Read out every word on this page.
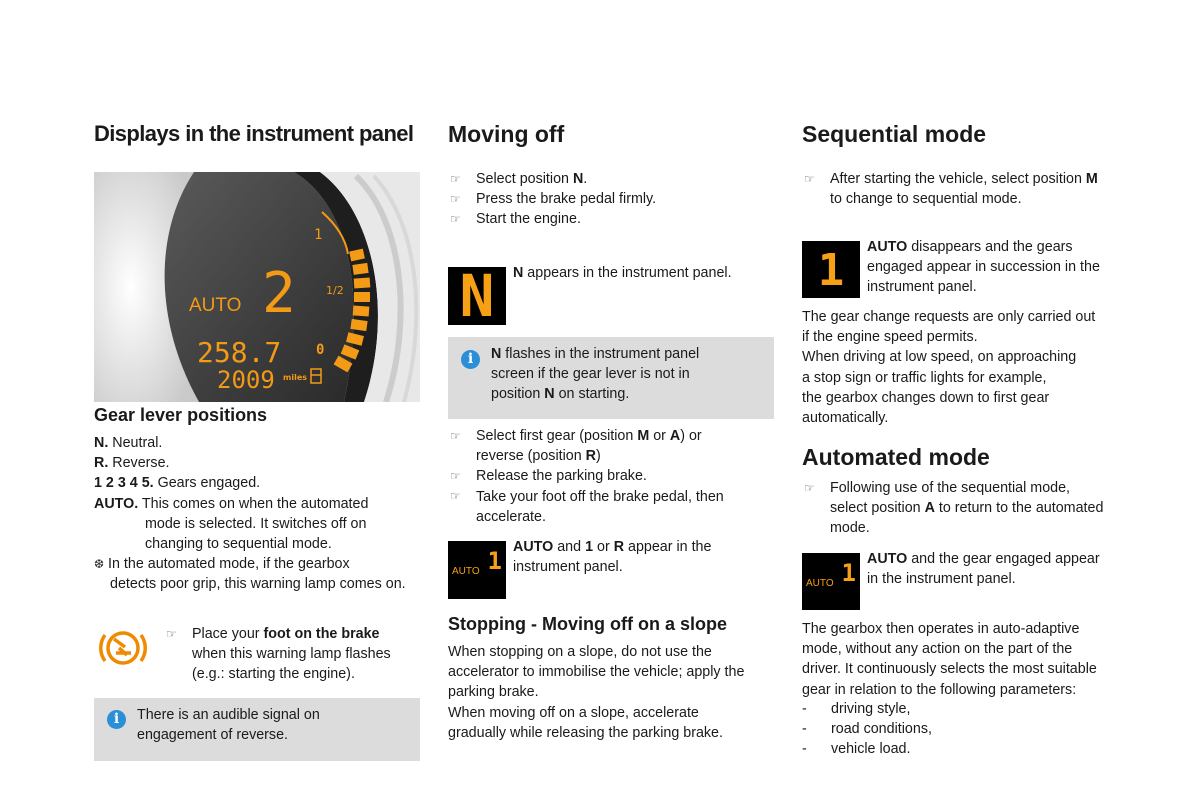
Displays in the instrument panel
1
1/2
0
AUTO 2
258.7
2009 miles
Gear lever positions
N. Neutral.
R. Reverse.
1 2 3 4 5. Gears engaged.
AUTO. This comes on when the automated
mode is selected. It switches off on
changing to sequential mode.
❆ In the automated mode, if the gearbox
detects poor grip, this warning lamp comes on.
☞ Place your foot on the brake
when this warning lamp flashes
(e.g.: starting the engine).
i	There is an audible signal on
engagement of reverse.
Moving off
☞
☞
☞
Select position N.
Press the brake pedal firmly.
Start the engine.
N	N appears in the instrument panel.
i	N flashes in the instrument panel
screen if the gear lever is not in
position N on starting.
☞
☞
☞
Select first gear (position M or A) or
reverse (position R)
Release the parking brake.
Take your foot off the brake pedal, then
accelerate.
AUTO 1 AUTO and 1 or R appear in the
instrument panel.
Stopping - Moving off on a slope
When stopping on a slope, do not use the
accelerator to immobilise the vehicle; apply the
parking brake.
When moving off on a slope, accelerate
gradually while releasing the parking brake.
Sequential mode
☞ After starting the vehicle, select position M
to change to sequential mode.
1	AUTO disappears and the gears
engaged appear in succession in the
instrument panel.
The gear change requests are only carried out
if the engine speed permits.
When driving at low speed, on approaching
a stop sign or traffic lights for example,
the gearbox changes down to first gear
automatically.
Automated mode
☞ Following use of the sequential mode,
select position A to return to the automated
mode.
AUTO 1 AUTO and the gear engaged appear
in the instrument panel.
The gearbox then operates in auto-adaptive
mode, without any action on the part of the
driver. It continuously selects the most suitable
gear in relation to the following parameters:
- driving style,
- road conditions,
- vehicle load.
